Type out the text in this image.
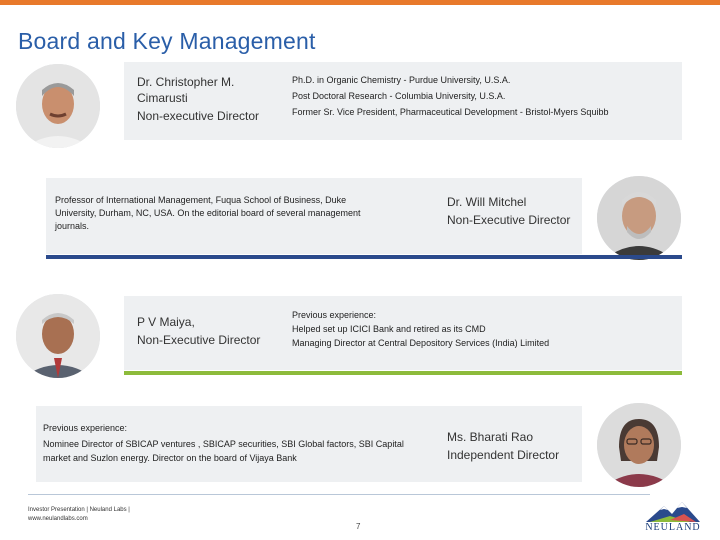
Board and Key Management
Dr. Christopher M. Cimarusti
Non-executive Director
Ph.D. in Organic Chemistry - Purdue University, U.S.A.
Post Doctoral Research - Columbia University, U.S.A.
Former Sr. Vice President, Pharmaceutical Development - Bristol-Myers Squibb
Professor of International Management, Fuqua School of Business, Duke University, Durham, NC, USA. On the editorial board of several management journals.
Dr. Will Mitchel
Non-Executive Director
P V Maiya,
Non-Executive Director
Previous experience:
Helped set up ICICI Bank and retired as its CMD
Managing Director at Central Depository Services (India) Limited
Previous experience:
Nominee Director of SBICAP ventures , SBICAP securities, SBI Global factors, SBI Capital market and Suzlon energy. Director on the board of Vijaya Bank
Ms. Bharati Rao
Independent Director
Investor Presentation | Neuland Labs |
www.neulandlabs.com
7	NEULAND
